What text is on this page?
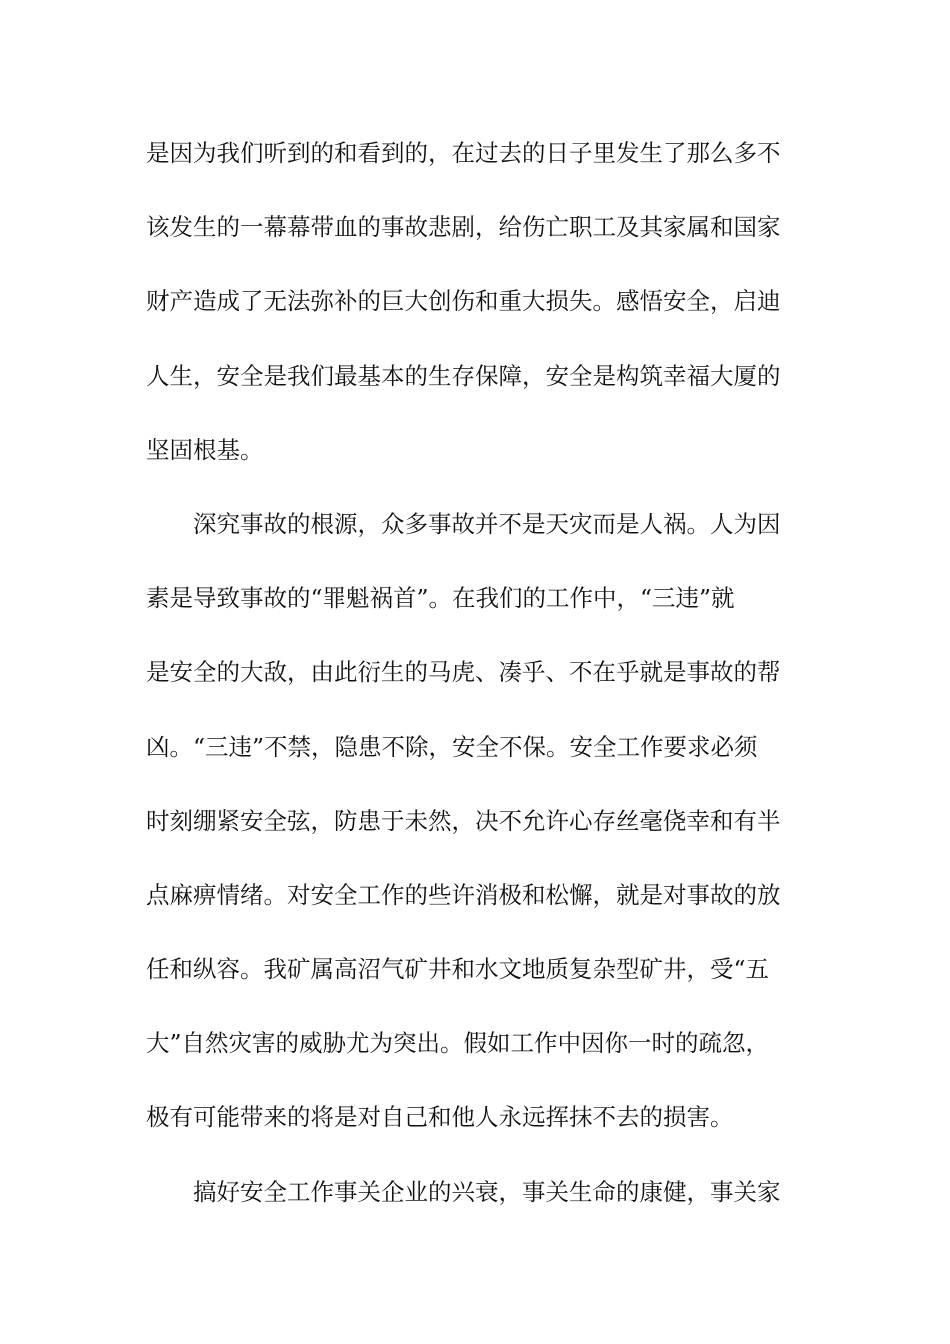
是因为我们听到的和看到的，在过去的日子里发生了那么多不
该发生的一幕幕带血的事故悲剧，给伤亡职工及其家属和国家
财产造成了无法弥补的巨大创伤和重大损失。感悟安全，启迪
人生，安全是我们最基本的生存保障，安全是构筑幸福大厦的
坚固根基。
深究事故的根源，众多事故并不是天灾而是人祸。人为因
素是导致事故的“罪魁祸首”。在我们的工作中，“三违”就
是安全的大敌，由此衍生的马虎、凑乎、不在乎就是事故的帮
凶。“三违”不禁，隐患不除，安全不保。安全工作要求必须
时刻绷紧安全弦，防患于未然，决不允许心存丝毫侥幸和有半
点麻痹情绪。对安全工作的些许消极和松懈，就是对事故的放
任和纵容。我矿属高沼气矿井和水文地质复杂型矿井，受“五
大”自然灾害的威胁尤为突出。假如工作中因你一时的疏忽，
极有可能带来的将是对自己和他人永远挥抹不去的损害。
搞好安全工作事关企业的兴衰，事关生命的康健，事关家
